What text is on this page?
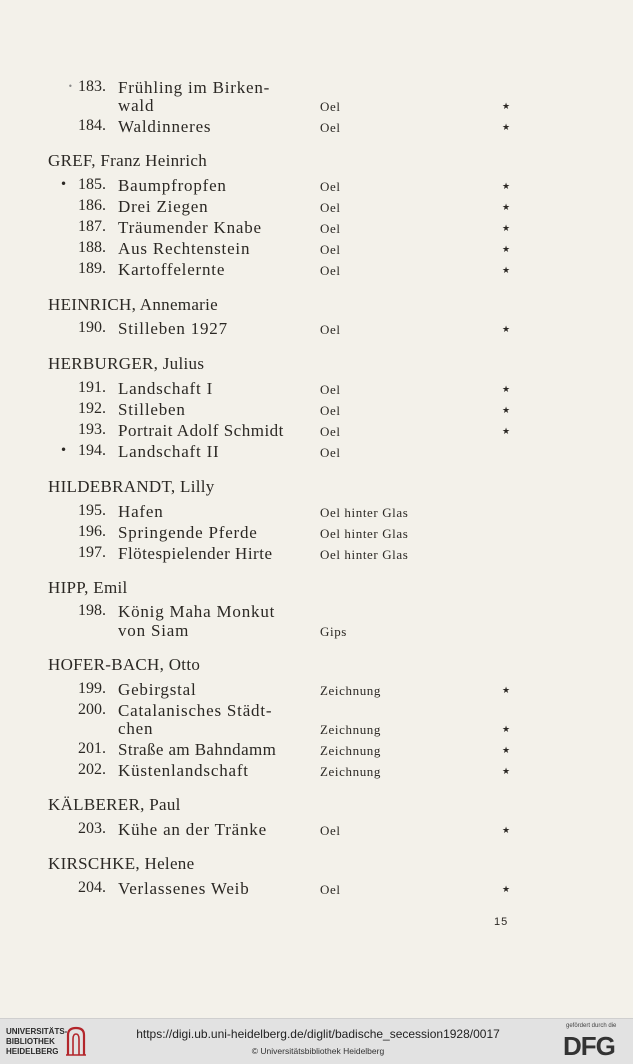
• 183. Frühling im Birken-
wald	Oel	★
184. Waldinneres	Oel	★
GREF, Franz Heinrich
• 185. Baumpfropfen	Oel	★
186. Drei Ziegen	Oel	★
187. Träumender Knabe	Oel	★
188. Aus Rechtenstein	Oel	★
189. Kartoffelernte	Oel	★
HEINRICH, Annemarie
190. Stilleben 1927	Oel	★
HERBURGER, Julius
191. Landschaft I	Oel	★
192. Stilleben	Oel	★
193. Portrait Adolf Schmidt	Oel	★
• 194. Landschaft II	Oel
HILDEBRANDT, Lilly
195. Hafen	Oel hinter Glas
196. Springende Pferde	Oel hinter Glas
197. Flötespielender Hirte	Oel hinter Glas
HIPP, Emil
198. König Maha Monkut
von Siam	Gips
HOFER-BACH, Otto
199. Gebirgstal	Zeichnung	★
200. Catalanisches Städt-
chen	Zeichnung	★
201. Straße am Bahndamm	Zeichnung	★
202. Küstenlandschaft	Zeichnung	★
KÄLBERER, Paul
203. Kühe an der Tränke	Oel	★
KIRSCHKE, Helene
204. Verlassenes Weib	Oel	★
15
UNIVERSITÄTS-
BIBLIOTHEK
HEIDELBERG
https://digi.ub.uni-heidelberg.de/diglit/badische_secession1928/0017
© Universitätsbibliothek Heidelberg
gefördert durch die
DFG
